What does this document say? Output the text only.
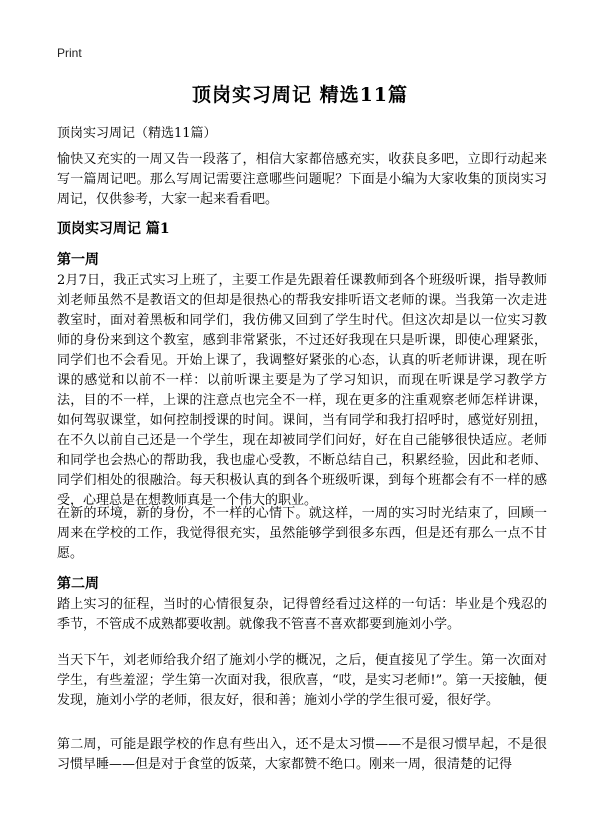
Print
顶岗实习周记 精选11篇
顶岗实习周记（精选11篇）

愉快又充实的一周又告一段落了，相信大家都倍感充实，收获良多吧，立即行动起来写一篇周记吧。那么写周记需要注意哪些问题呢？下面是小编为大家收集的顶岗实习周记，仅供参考，大家一起来看看吧。

顶岗实习周记 篇1
第一周

2月7日，我正式实习上班了，主要工作是先跟着任课教师到各个班级听课，指导教师刘老师虽然不是教语文的但却是很热心的帮我安排听语文老师的课。当我第一次走进教室时，面对着黑板和同学们，我仿佛又回到了学生时代。但这次却是以一位实习教师的身份来到这个教室，感到非常紧张，不过还好我现在只是听课，即使心理紧张，同学们也不会看见。开始上课了，我调整好紧张的心态，认真的听老师讲课，现在听课的感觉和以前不一样：以前听课主要是为了学习知识，而现在听课是学习教学方法，目的不一样，上课的注意点也完全不一样，现在更多的注重观察老师怎样讲课，如何驾驭课堂，如何控制授课的时间。课间，当有同学和我打招呼时，感觉好别扭，在不久以前自己还是一个学生，现在却被同学们问好，好在自己能够很快适应。老师和同学也会热心的帮助我，我也虚心受教，不断总结自己，积累经验，因此和老师、同学们相处的很融洽。每天积极认真的到各个班级听课，到每个班都会有不一样的感受，心理总是在想教师真是一个伟大的职业。

在新的环境，新的身份，不一样的心情下。就这样，一周的实习时光结束了，回顾一周来在学校的工作，我觉得很充实，虽然能够学到很多东西，但是还有那么一点不甘愿。

第二周

踏上实习的征程，当时的心情很复杂，记得曾经看过这样的一句话：毕业是个残忍的季节，不管成不成熟都要收割。就像我不管喜不喜欢都要到施刘小学。

当天下午，刘老师给我介绍了施刘小学的概况，之后，便直接见了学生。第一次面对学生，有些羞涩；学生第一次面对我，很欣喜，“哎，是实习老师!”。第一天接触，便发现，施刘小学的老师，很友好，很和善；施刘小学的学生很可爱，很好学。

第二周，可能是跟学校的作息有些出入，还不是太习惯——不是很习惯早起，不是很习惯早睡——但是对于食堂的饭菜，大家都赞不绝口。刚来一周，很清楚的记得
